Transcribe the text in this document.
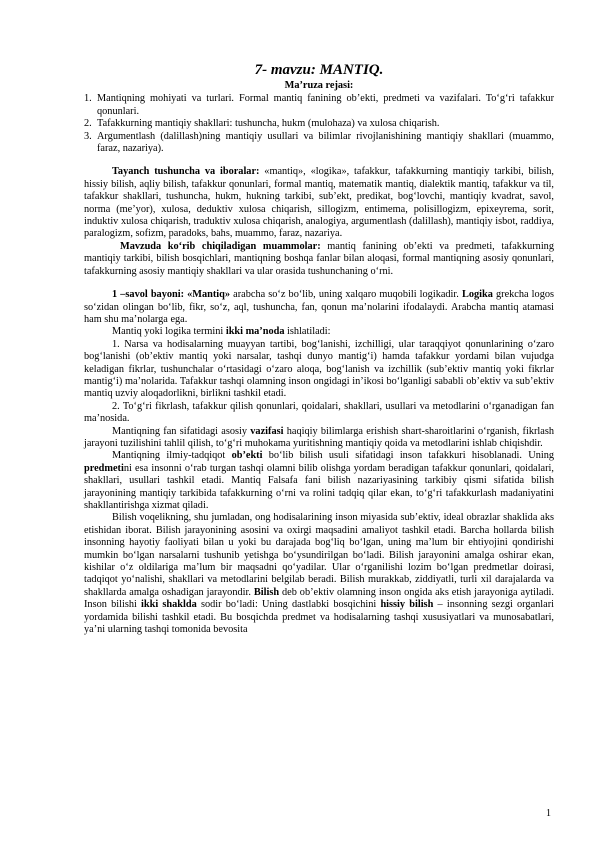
7- mavzu: MANTIQ.
Ma’ruza rejasi:
1. Mantiqning mohiyati va turlari. Formal mantiq fanining ob’ekti, predmeti va vazifalari. To‘g‘ri tafakkur qonunlari.
2. Tafakkurning mantiqiy shakllari: tushuncha, hukm (mulohaza) va xulosa chiqarish.
3. Argumentlash (dalillash)ning mantiqiy usullari va bilimlar rivojlanishining mantiqiy shakllari (muammo, faraz, nazariya).

Tayanch tushuncha va iboralar: «mantiq», «logika», tafakkur, tafakkurning mantiqiy tarkibi, bilish, hissiy bilish, aqliy bilish, tafakkur qonunlari, formal mantiq, matematik mantiq, dialektik mantiq, tafakkur va til, tafakkur shakllari, tushuncha, hukm, hukning tarkibi, sub’ekt, predikat, bog‘lovchi, mantiqiy kvadrat, savol, norma (me’yor), xulosa, deduktiv xulosa chiqarish, sillogizm, entimema, polisillogizm, epixeyrema, sorit, induktiv xulosa chiqarish, traduktiv xulosa chiqarish, analogiya, argumentlash (dalillash), mantiqiy isbot, raddiya, paralogizm, sofizm, paradoks, bahs, muammo, faraz, nazariya.

Mavzuda ko‘rib chiqiladigan muammolar: mantiq fanining ob’ekti va predmeti, tafakkurning mantiqiy tarkibi, bilish bosqichlari, mantiqning boshqa fanlar bilan aloqasi, formal mantiqning asosiy qonunlari, tafakkurning asosiy mantiqiy shakllari va ular orasida tushunchaning o‘rni.

1 –savol bayoni: «Mantiq» arabcha so‘z bo‘lib, uning xalqaro muqobili logikadir. Logika grekcha logos so‘zidan olingan bo‘lib, fikr, so‘z, aql, tushuncha, fan, qonun ma’nolarini ifodalaydi. Arabcha mantiq atamasi ham shu ma’nolarga ega.

Mantiq yoki logika termini ikki ma’noda ishlatiladi:

1. Narsa va hodisalarning muayyan tartibi, bog‘lanishi, izchilligi, ular taraqqiyot qonunlarining o‘zaro bog‘lanishi (ob’ektiv mantiq yoki narsalar, tashqi dunyo mantig‘i) hamda tafakkur yordami bilan vujudga keladigan fikrlar, tushunchalar o‘rtasidagi o‘zaro aloqa, bog‘lanish va izchillik (sub’ektiv mantiq yoki fikrlar mantig‘i) ma’nolarida. Tafakkur tashqi olamning inson ongidagi in’ikosi bo‘lganligi sababli ob’ektiv va sub’ektiv mantiq uzviy aloqadorlikni, birlikni tashkil etadi.

2. To‘g‘ri fikrlash, tafakkur qilish qonunlari, qoidalari, shakllari, usullari va metodlarini o‘rganadigan fan ma’nosida.

Mantiqning fan sifatidagi asosiy vazifasi haqiqiy bilimlarga erishish shart-sharoitlarini o‘rganish, fikrlash jarayoni tuzilishini tahlil qilish, to‘g‘ri muhokama yuritishning mantiqiy qoida va metodlarini ishlab chiqishdir.

Mantiqning ilmiy-tadqiqot ob’ekti bo‘lib bilish usuli sifatidagi inson tafakkuri hisoblanadi. Uning predmetini esa insonni o‘rab turgan tashqi olamni bilib olishga yordam beradigan tafakkur qonunlari, qoidalari, shakllari, usullari tashkil etadi. Mantiq Falsafa fani bilish nazariyasining tarkibiy qismi sifatida bilish jarayonining mantiqiy tarkibida tafakkurning o‘rni va rolini tadqiq qilar ekan, to‘g‘ri tafakkurlash madaniyatini shakllantirishga xizmat qiladi.

Bilish voqelikning, shu jumladan, ong hodisalarining inson miyasida sub’ektiv, ideal obrazlar shaklida aks etishidan iborat. Bilish jarayonining asosini va oxirgi maqsadini amaliyot tashkil etadi. Barcha hollarda bilish insonning hayotiy faoliyati bilan u yoki bu darajada bog‘liq bo‘lgan, uning ma’lum bir ehtiyojini qondirishi mumkin bo‘lgan narsalarni tushunib yetishga bo‘ysundirilgan bo‘ladi. Bilish jarayonini amalga oshirar ekan, kishilar o‘z oldilariga ma’lum bir maqsadni qo‘yadilar. Ular o‘rganilishi lozim bo‘lgan predmetlar doirasi, tadqiqot yo‘nalishi, shakllari va metodlarini belgilab beradi. Bilish murakkab, ziddiyatli, turli xil darajalarda va shakllarda amalga oshadigan jarayondir. Bilish deb ob’ektiv olamning inson ongida aks etish jarayoniga aytiladi. Inson bilishi ikki shaklda sodir bo‘ladi: Uning dastlabki bosqichini hissiy bilish – insonning sezgi organlari yordamida bilishi tashkil etadi. Bu bosqichda predmet va hodisalarning tashqi xususiyatlari va munosabatlari, ya’ni ularning tashqi tomonida bevosita

1
